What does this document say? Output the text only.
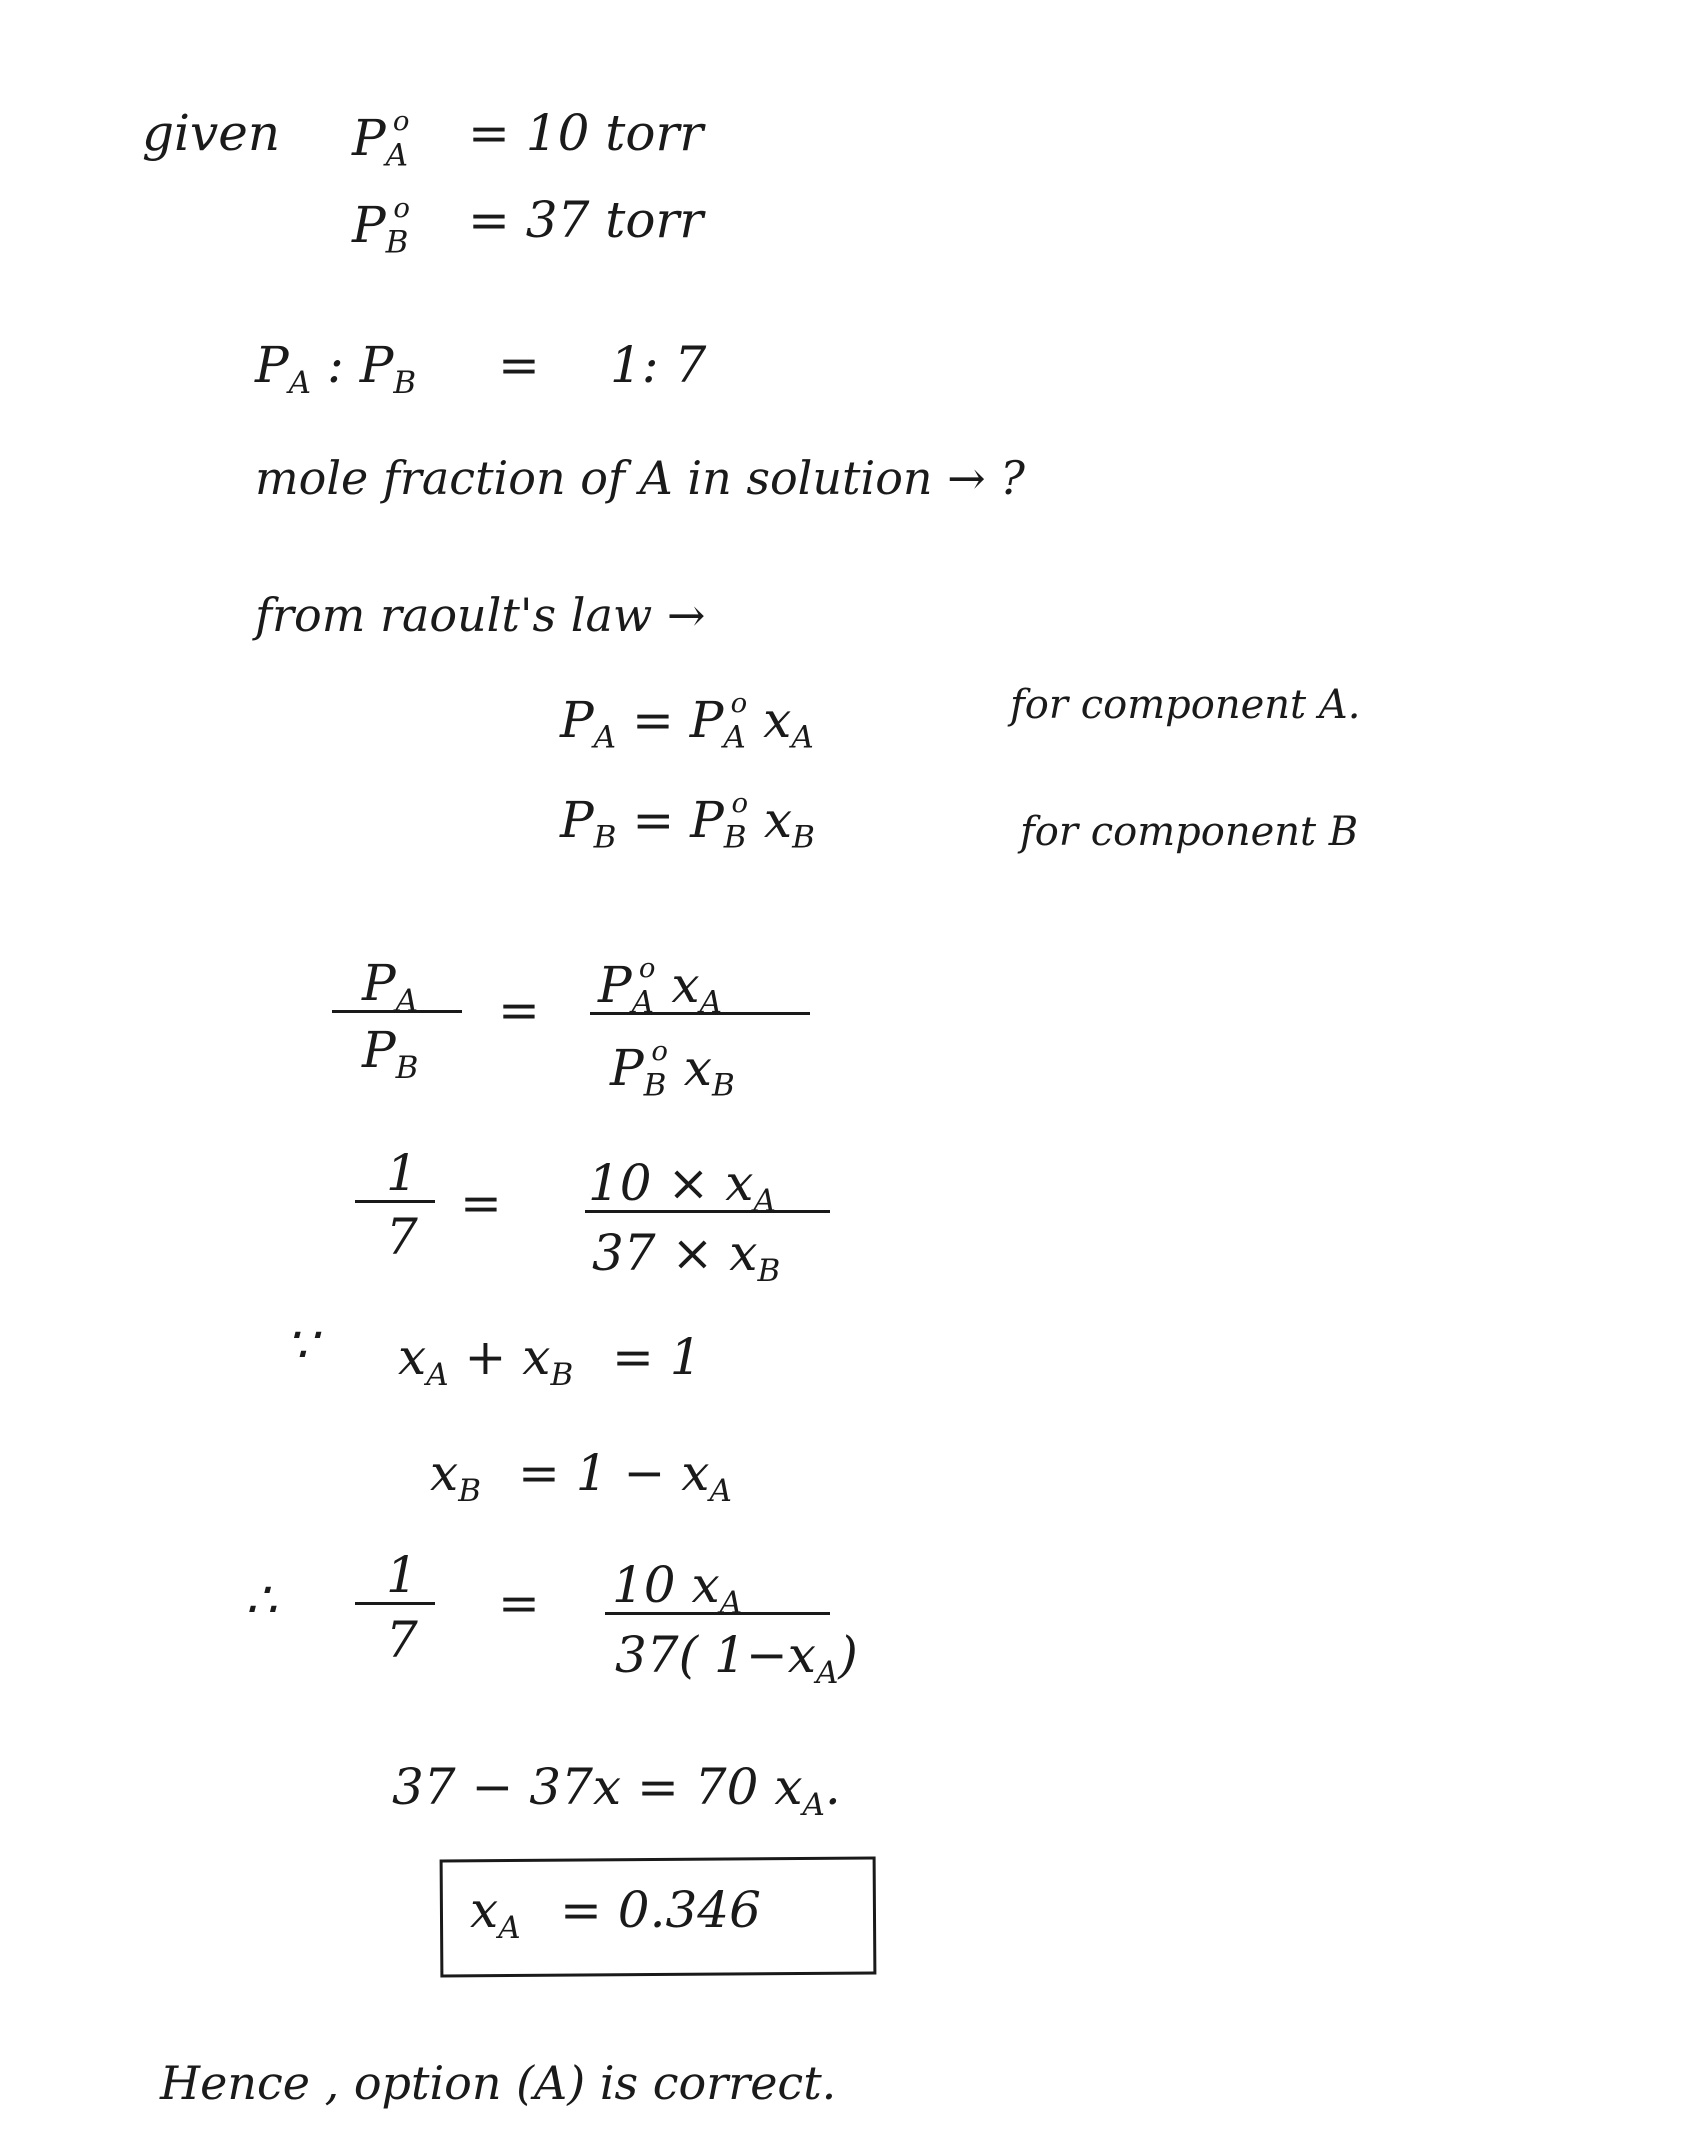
given $P_A^o = 10$ torr
$P_B^o = 37$ torr
$P_A$ : $P_B = 1$: 7
mole fraction of A in solution → ?
from raoult's law →
$P_A = P_A^o$ $x_A$
for component A.
$P_B = P_B^o$ $x_B$	for component B
$P_A$
$P_B$
= $P_A^o$ $x_A$
$P_B^o$ $x_B$
1
7
= $10 \times x_A$
$37 \times x_B$
∵ $x_A + x_B = 1$
$x_B = 1 - x_A$
∴ 1
7
= 10 $x_A$
37( $1-x_A$)
37 − 37x = 70 $x_A$.
$x_A = 0.346$
Hence , option (A) is correct.
